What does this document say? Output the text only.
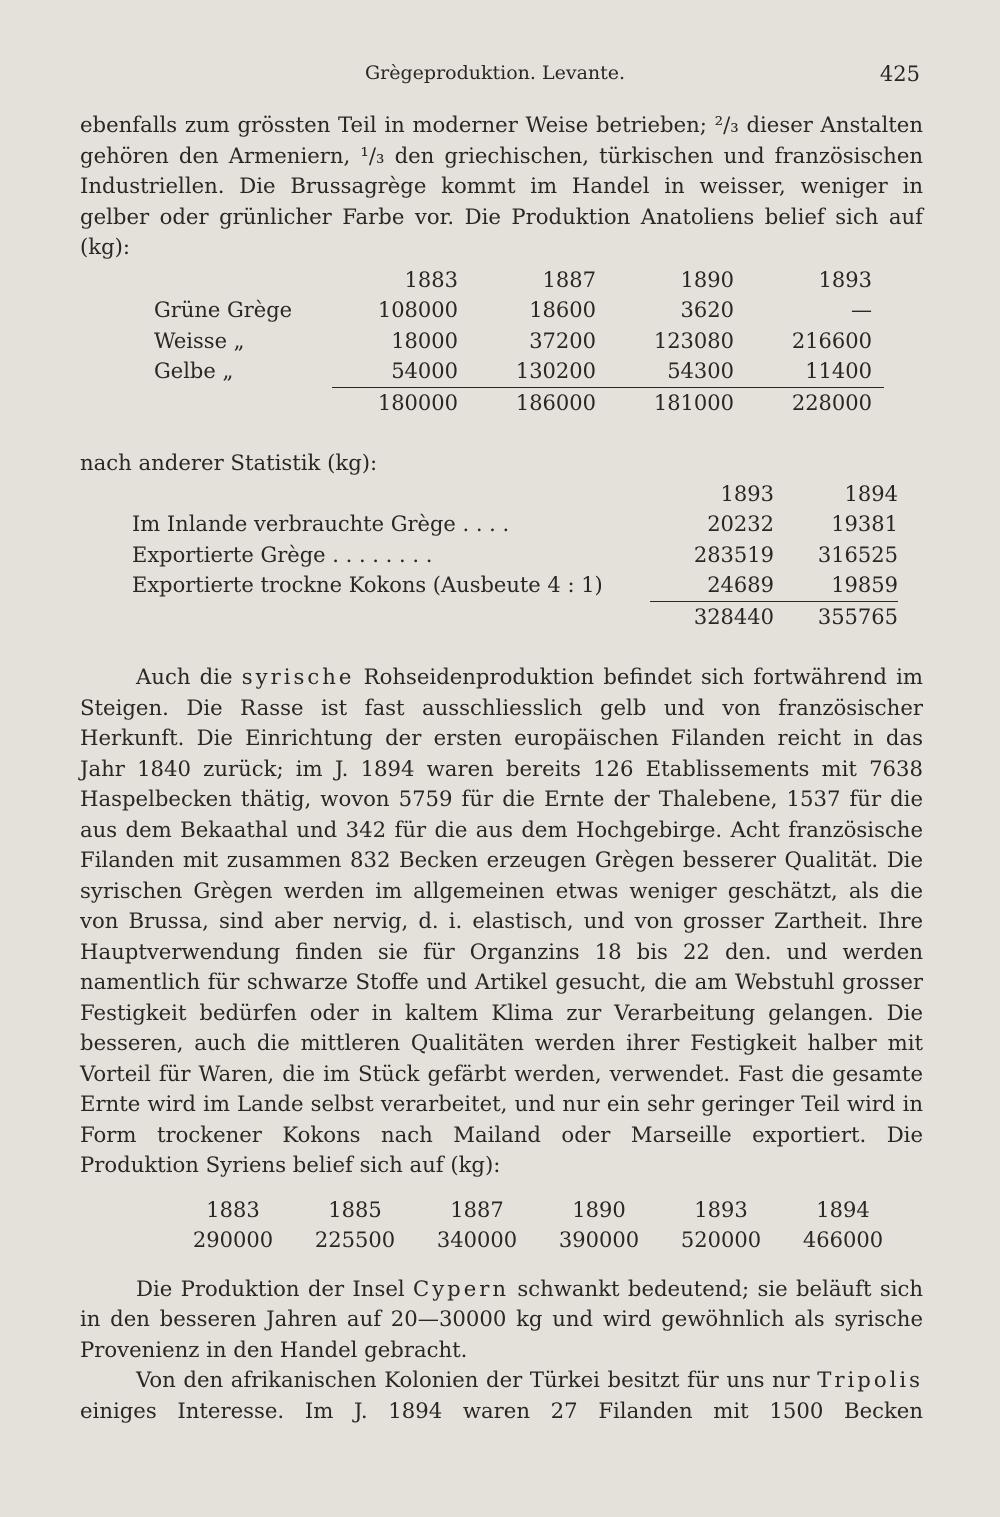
Grègeproduktion. Levante.	425

ebenfalls zum grössten Teil in moderner Weise betrieben; ²/₃ dieser Anstalten gehören den Armeniern, ¹/₃ den griechischen, türkischen und französischen Industriellen. Die Brussagrège kommt im Handel in weisser, weniger in gelber oder grünlicher Farbe vor. Die Produktion Anatoliens belief sich auf (kg):

	1883	1887	1890	1893
Grüne Grège	108000	18600	3620	—
Weisse „	18000	37200	123080	216600
Gelbe „	54000	130200	54300	11400
	180000	186000	181000	228000

nach anderer Statistik (kg):

	1893	1894
Im Inlande verbrauchte Grège . . . .	20232	19381
Exportierte Grège . . . . . . . .	283519	316525
Exportierte trockne Kokons (Ausbeute 4 : 1)	24689	19859
	328440	355765

Auch die syrische Rohseidenproduktion befindet sich fortwährend im Steigen. Die Rasse ist fast ausschliesslich gelb und von französischer Herkunft. Die Einrichtung der ersten europäischen Filanden reicht in das Jahr 1840 zurück; im J. 1894 waren bereits 126 Etablissements mit 7638 Haspelbecken thätig, wovon 5759 für die Ernte der Thalebene, 1537 für die aus dem Bekaathal und 342 für die aus dem Hochgebirge. Acht französische Filanden mit zusammen 832 Becken erzeugen Grègen besserer Qualität. Die syrischen Grègen werden im allgemeinen etwas weniger geschätzt, als die von Brussa, sind aber nervig, d. i. elastisch, und von grosser Zartheit. Ihre Hauptverwendung finden sie für Organzins 18 bis 22 den. und werden namentlich für schwarze Stoffe und Artikel gesucht, die am Webstuhl grosser Festigkeit bedürfen oder in kaltem Klima zur Verarbeitung gelangen. Die besseren, auch die mittleren Qualitäten werden ihrer Festigkeit halber mit Vorteil für Waren, die im Stück gefärbt werden, verwendet. Fast die gesamte Ernte wird im Lande selbst verarbeitet, und nur ein sehr geringer Teil wird in Form trockener Kokons nach Mailand oder Marseille exportiert. Die Produktion Syriens belief sich auf (kg):

1883	1885	1887	1890	1893	1894
290000	225500	340000	390000	520000	466000

Die Produktion der Insel Cypern schwankt bedeutend; sie beläuft sich in den besseren Jahren auf 20—30000 kg und wird gewöhnlich als syrische Provenienz in den Handel gebracht.

Von den afrikanischen Kolonien der Türkei besitzt für uns nur Tripolis einiges Interesse. Im J. 1894 waren 27 Filanden mit 1500 Becken
